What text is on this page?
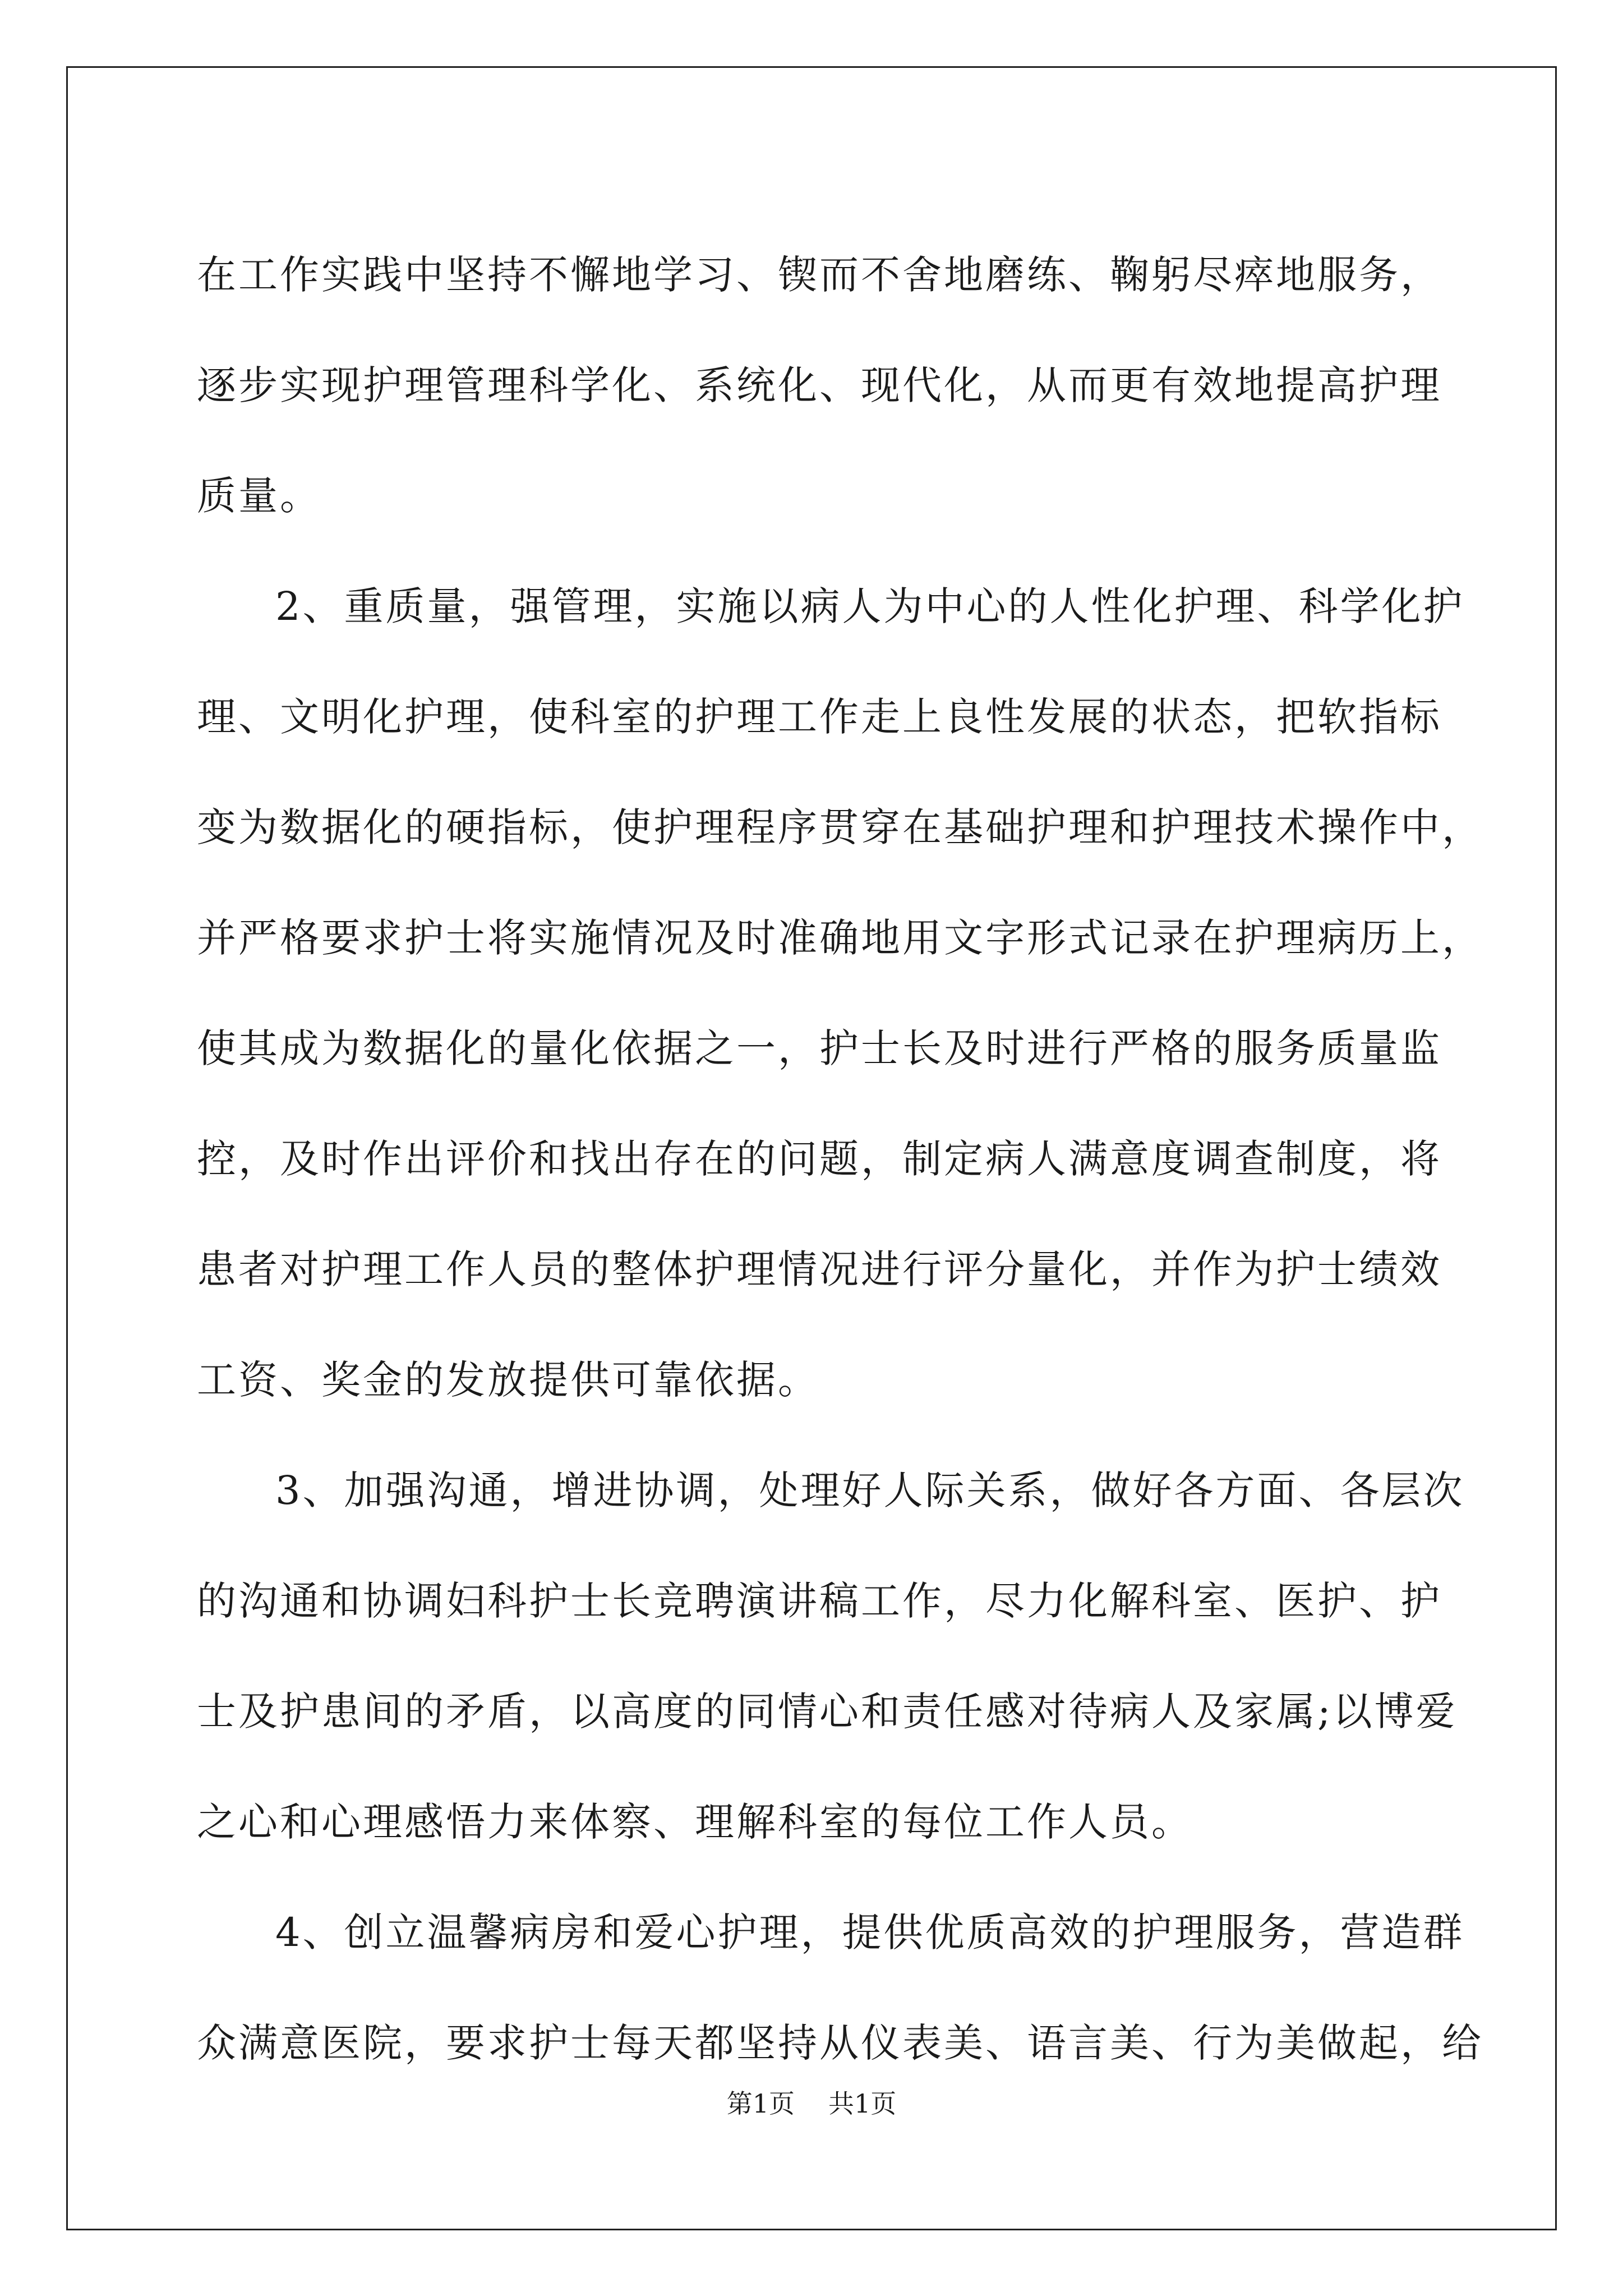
在工作实践中坚持不懈地学习、锲而不舍地磨练、鞠躬尽瘁地服务，
逐步实现护理管理科学化、系统化、现代化，从而更有效地提高护理
质量。
2、重质量，强管理，实施以病人为中心的人性化护理、科学化护
理、文明化护理，使科室的护理工作走上良性发展的状态，把软指标
变为数据化的硬指标，使护理程序贯穿在基础护理和护理技术操作中，
并严格要求护士将实施情况及时准确地用文字形式记录在护理病历上，
使其成为数据化的量化依据之一，护士长及时进行严格的服务质量监
控，及时作出评价和找出存在的问题，制定病人满意度调查制度，将
患者对护理工作人员的整体护理情况进行评分量化，并作为护士绩效
工资、奖金的发放提供可靠依据。
3、加强沟通，增进协调，处理好人际关系，做好各方面、各层次
的沟通和协调妇科护士长竞聘演讲稿工作，尽力化解科室、医护、护
士及护患间的矛盾，以高度的同情心和责任感对待病人及家属;以博爱
之心和心理感悟力来体察、理解科室的每位工作人员。
4、创立温馨病房和爱心护理，提供优质高效的护理服务，营造群
众满意医院，要求护士每天都坚持从仪表美、语言美、行为美做起，给
第1页 共1页
